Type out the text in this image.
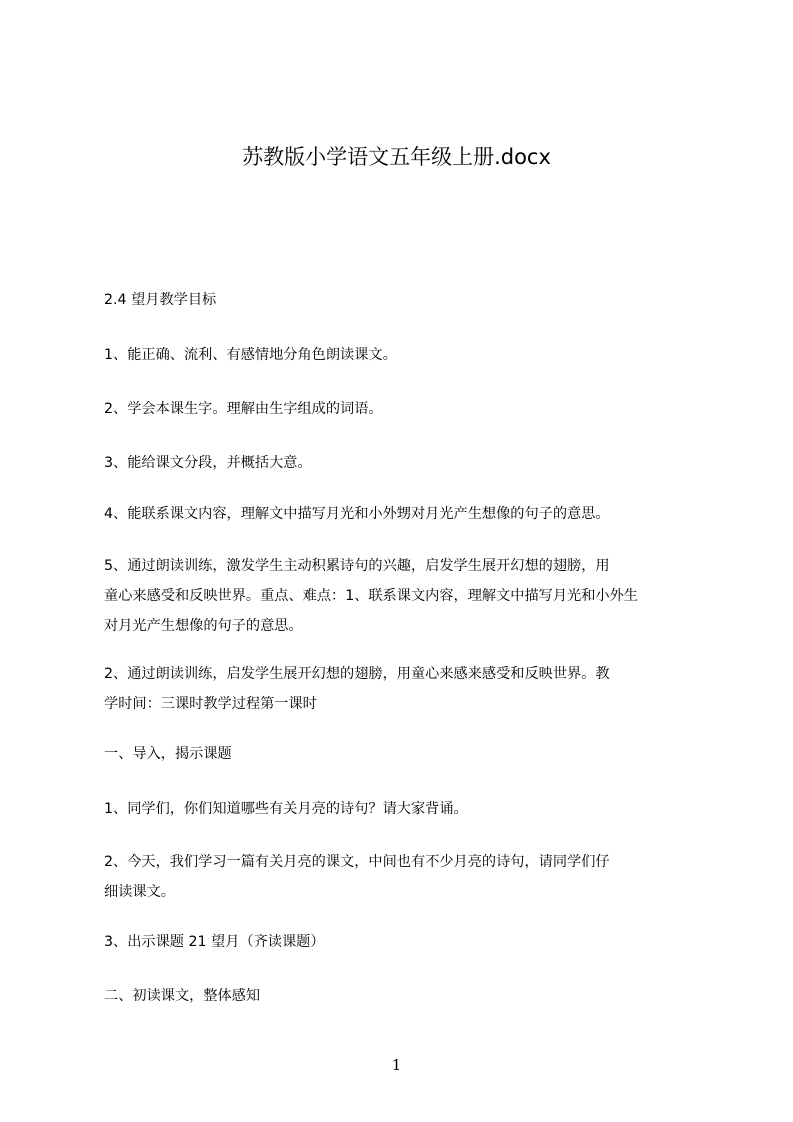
苏教版小学语文五年级上册.docx
2.4 望月教学目标
1、能正确、流利、有感情地分角色朗读课文。
2、学会本课生字。理解由生字组成的词语。
3、能给课文分段，并概括大意。
4、能联系课文内容，理解文中描写月光和小外甥对月光产生想像的句子的意思。
5、通过朗读训练，激发学生主动积累诗句的兴趣，启发学生展开幻想的翅膀，用
童心来感受和反映世界。重点、难点：1、联系课文内容，理解文中描写月光和小外生
对月光产生想像的句子的意思。
2、通过朗读训练，启发学生展开幻想的翅膀，用童心来感来感受和反映世界。教
学时间：三课时教学过程第一课时
一、导入，揭示课题
1、同学们，你们知道哪些有关月亮的诗句？请大家背诵。
2、今天，我们学习一篇有关月亮的课文，中间也有不少月亮的诗句，请同学们仔
细读课文。
3、出示课题 21 望月（齐读课题）
二、初读课文，整体感知
1
